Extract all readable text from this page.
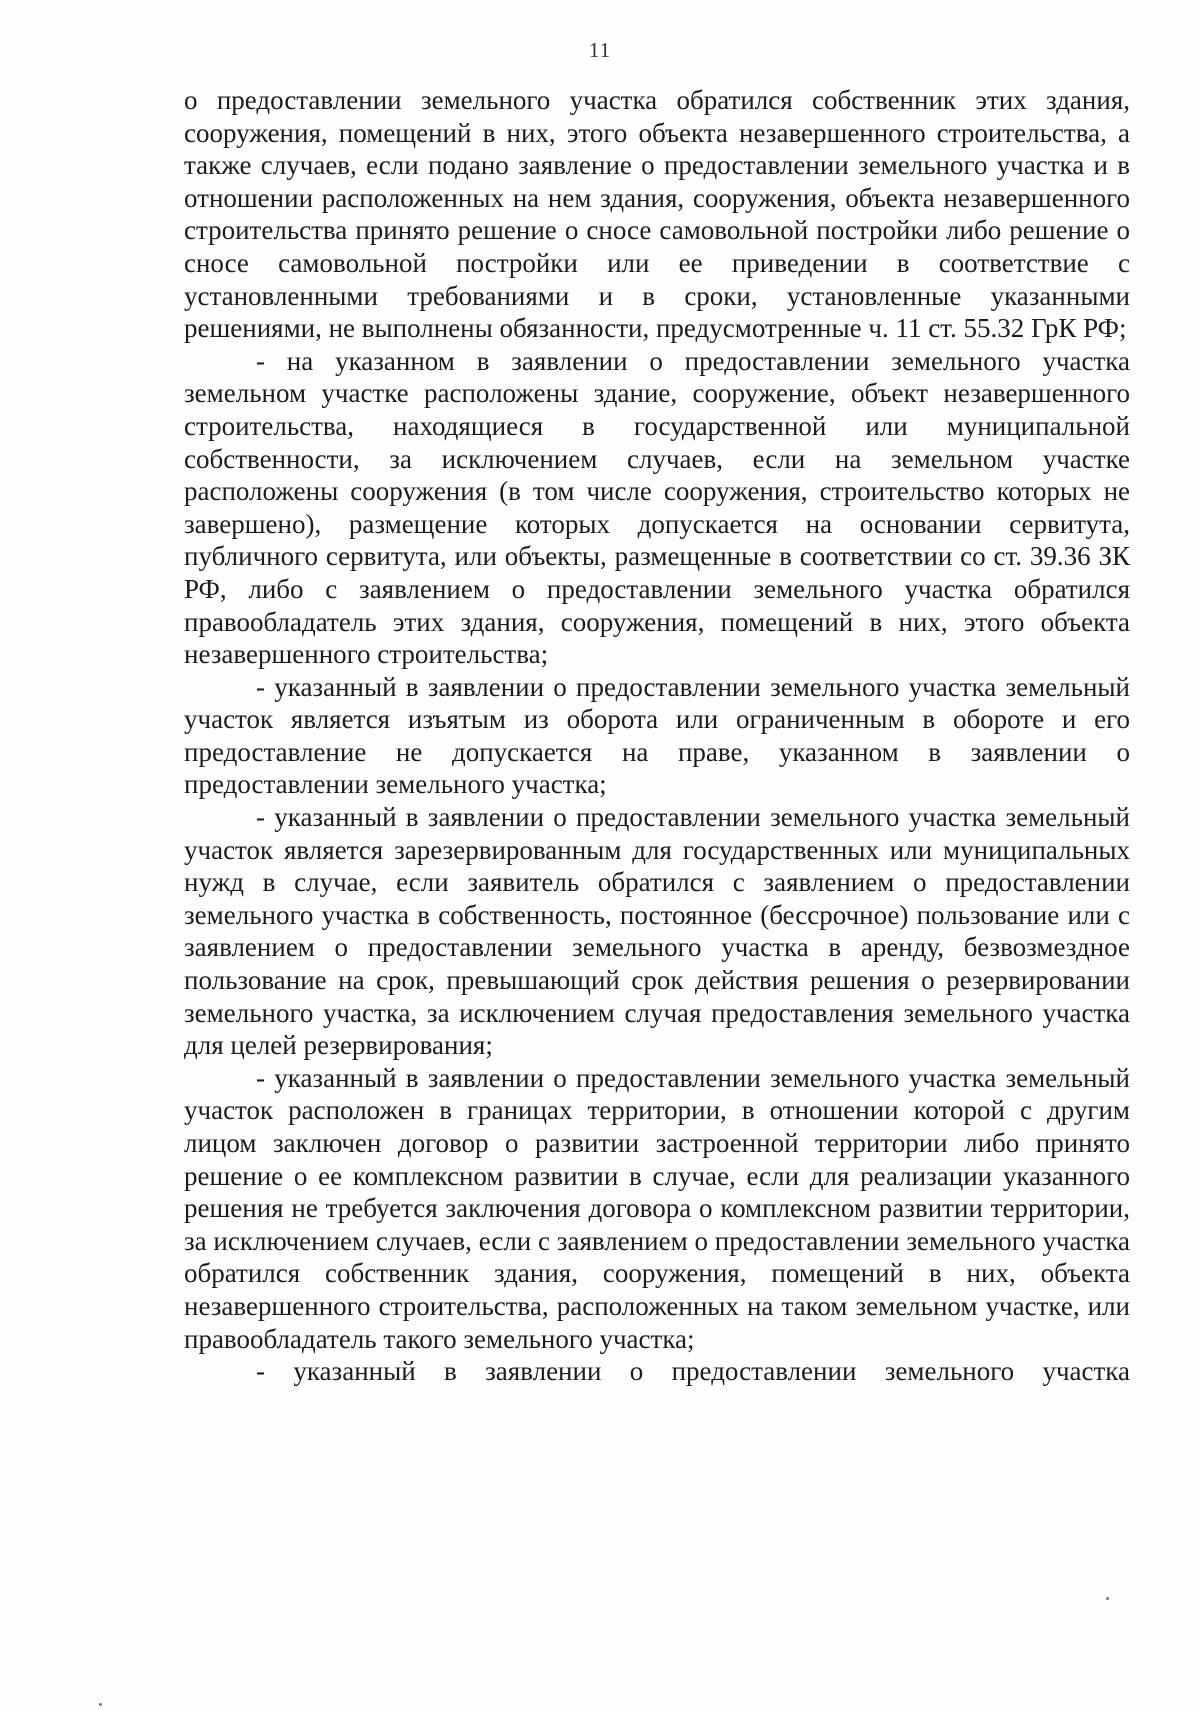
11

о предоставлении земельного участка обратился собственник этих здания, сооружения, помещений в них, этого объекта незавершенного строительства, а также случаев, если подано заявление о предоставлении земельного участка и в отношении расположенных на нем здания, сооружения, объекта незавершенного строительства принято решение о сносе самовольной постройки либо решение о сносе самовольной постройки или ее приведении в соответствие с установленными требованиями и в сроки, установленные указанными решениями, не выполнены обязанности, предусмотренные ч. 11 ст. 55.32 ГрК РФ;

- на указанном в заявлении о предоставлении земельного участка земельном участке расположены здание, сооружение, объект незавершенного строительства, находящиеся в государственной или муниципальной собственности, за исключением случаев, если на земельном участке расположены сооружения (в том числе сооружения, строительство которых не завершено), размещение которых допускается на основании сервитута, публичного сервитута, или объекты, размещенные в соответствии со ст. 39.36 ЗК РФ, либо с заявлением о предоставлении земельного участка обратился правообладатель этих здания, сооружения, помещений в них, этого объекта незавершенного строительства;

- указанный в заявлении о предоставлении земельного участка земельный участок является изъятым из оборота или ограниченным в обороте и его предоставление не допускается на праве, указанном в заявлении о предоставлении земельного участка;

- указанный в заявлении о предоставлении земельного участка земельный участок является зарезервированным для государственных или муниципальных нужд в случае, если заявитель обратился с заявлением о предоставлении земельного участка в собственность, постоянное (бессрочное) пользование или с заявлением о предоставлении земельного участка в аренду, безвозмездное пользование на срок, превышающий срок действия решения о резервировании земельного участка, за исключением случая предоставления земельного участка для целей резервирования;

- указанный в заявлении о предоставлении земельного участка земельный участок расположен в границах территории, в отношении которой с другим лицом заключен договор о развитии застроенной территории либо принято решение о ее комплексном развитии в случае, если для реализации указанного решения не требуется заключения договора о комплексном развитии территории, за исключением случаев, если с заявлением о предоставлении земельного участка обратился собственник здания, сооружения, помещений в них, объекта незавершенного строительства, расположенных на таком земельном участке, или правообладатель такого земельного участка;

- указанный в заявлении о предоставлении земельного участка
